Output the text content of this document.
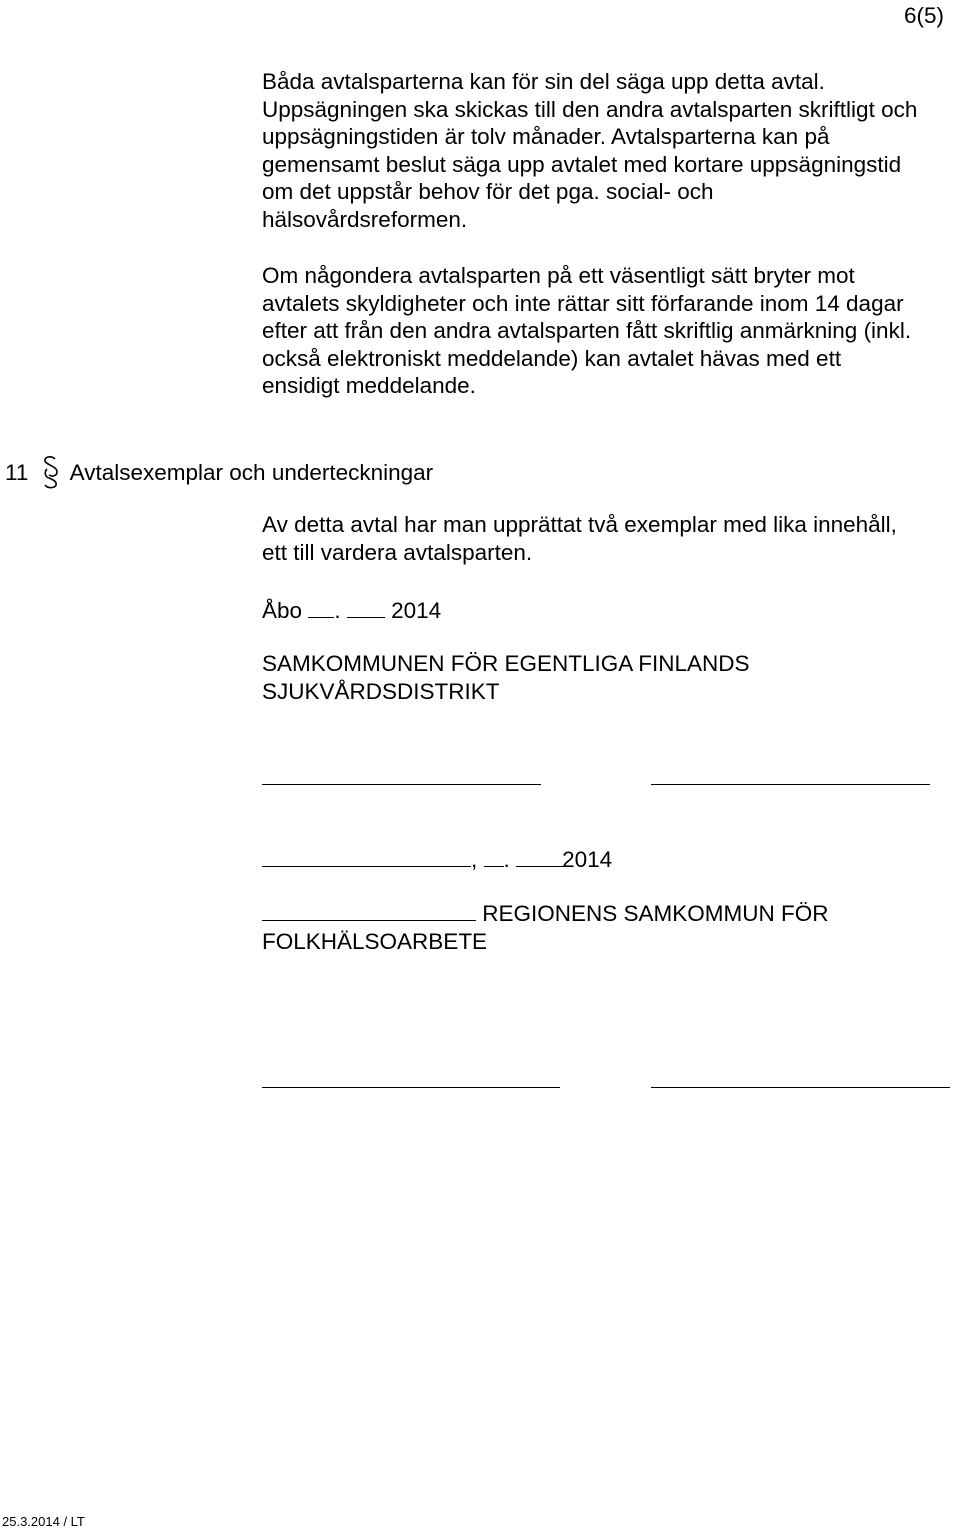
6(5)
Båda avtalsparterna kan för sin del säga upp detta avtal.
Uppsägningen ska skickas till den andra avtalsparten skriftligt och
uppsägningstiden är tolv månader. Avtalsparterna kan på
gemensamt beslut säga upp avtalet med kortare uppsägningstid
om det uppstår behov för det pga. social- och
hälsovårdsreformen.
Om någondera avtalsparten på ett väsentligt sätt bryter mot
avtalets skyldigheter och inte rättar sitt förfarande inom 14 dagar
efter att från den andra avtalsparten fått skriftlig anmärkning (inkl.
också elektroniskt meddelande) kan avtalet hävas med ett
ensidigt meddelande.
11 Avtalsexemplar och underteckningar
Av detta avtal har man upprättat två exemplar med lika innehåll,
ett till vardera avtalsparten.
Åbo . 2014
SAMKOMMUNEN FÖR EGENTLIGA FINLANDS
SJUKVÅRDSDISTRIKT
, . 2014
REGIONENS SAMKOMMUN FÖR
FOLKHÄLSOARBETE
25.3.2014 / LT
